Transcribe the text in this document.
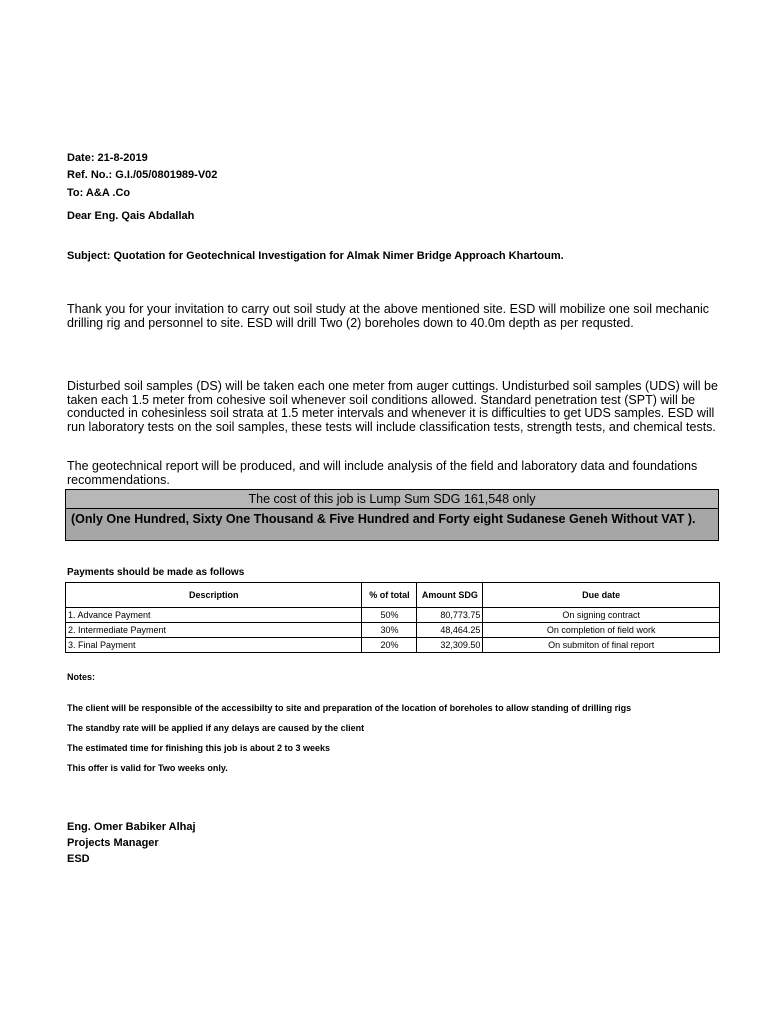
Date: 21-8-2019
Ref. No.: G.I./05/0801989-V02
To: A&A .Co
Dear Eng. Qais Abdallah
Subject: Quotation for Geotechnical Investigation for Almak Nimer Bridge Approach Khartoum.
Thank you for your invitation to carry out soil study at the above mentioned site. ESD will mobilize one soil mechanic drilling rig and personnel to site. ESD will drill Two (2) boreholes down to 40.0m depth as per requsted.
Disturbed soil samples (DS) will be taken each one meter from auger cuttings. Undisturbed soil samples (UDS) will be taken each 1.5 meter from cohesive soil whenever soil conditions allowed. Standard penetration test (SPT) will be conducted in cohesinless soil strata at 1.5 meter intervals and whenever it is difficulties to get UDS samples. ESD will run laboratory tests on the soil samples, these tests will include classification tests, strength tests, and chemical tests.
The geotechnical report will be produced, and will include analysis of the field and laboratory data and foundations recommendations.
The cost of this job is Lump Sum SDG 161,548 only
(Only One Hundred, Sixty One Thousand & Five Hundred and Forty eight Sudanese Geneh Without VAT ).
Payments should be made as follows
Description	% of total	Amount SDG	Due date
1. Advance Payment	50%	80,773.75	On signing contract
2. Intermediate Payment	30%	48,464.25	On completion of field work
3. Final Payment	20%	32,309.50	On submiton of final report
Notes:
The client will be responsible of the accessibilty to site and preparation of the location of boreholes to allow standing of drilling rigs
The standby rate will be applied if any delays are caused by the client
The estimated time for finishing this job is about 2 to 3 weeks
This offer is valid for Two weeks only.
Eng. Omer Babiker Alhaj
Projects Manager
ESD
